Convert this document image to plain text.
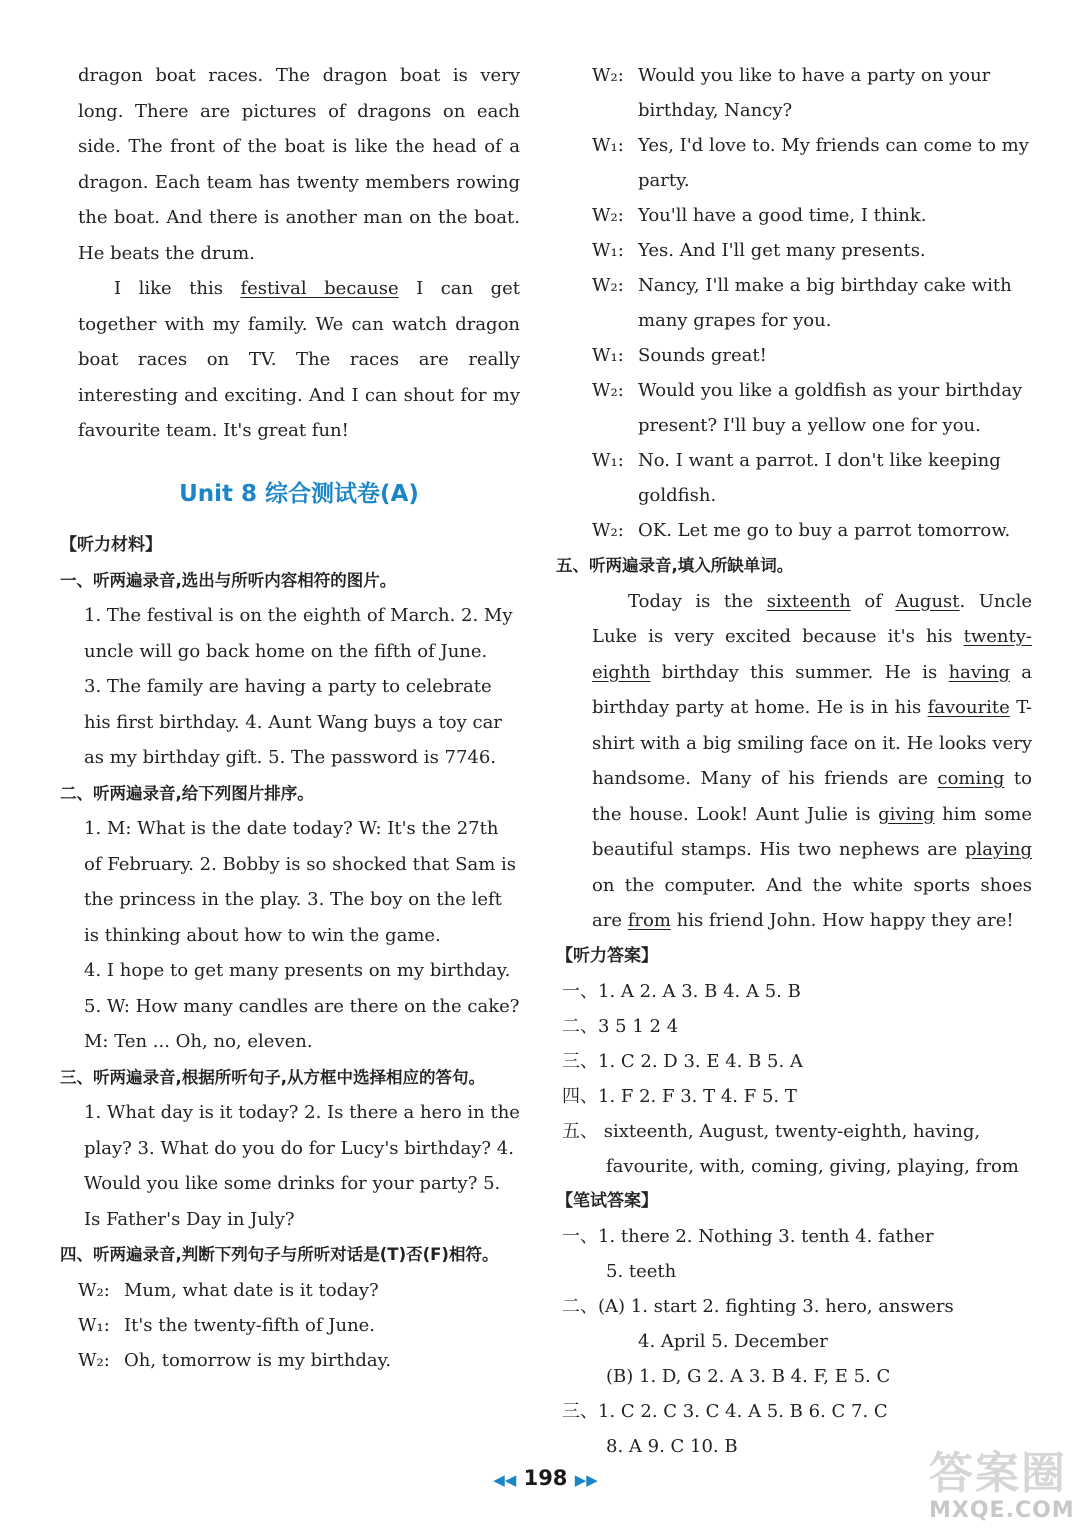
dragon boat races. The dragon boat is very long. There are pictures of dragons on each side. The front of the boat is like the head of a dragon. Each team has twenty members rowing the boat. And there is another man on the boat. He beats the drum.

I like this festival because I can get together with my family. We can watch dragon boat races on TV. The races are really interesting and exciting. And I can shout for my favourite team. It's great fun!

Unit 8 综合测试卷(A)
【听力材料】
一、听两遍录音,选出与所听内容相符的图片。
1. The festival is on the eighth of March. 2. My uncle will go back home on the fifth of June.
3. The family are having a party to celebrate his first birthday. 4. Aunt Wang buys a toy car as my birthday gift. 5. The password is 7746.
二、听两遍录音,给下列图片排序。
1. M: What is the date today? W: It's the 27th of February. 2. Bobby is so shocked that Sam is the princess in the play. 3. The boy on the left is thinking about how to win the game.
4. I hope to get many presents on my birthday.
5. W: How many candles are there on the cake? M: Ten ... Oh, no, eleven.
三、听两遍录音,根据所听句子,从方框中选择相应的答句。
1. What day is it today? 2. Is there a hero in the play? 3. What do you do for Lucy's birthday? 4. Would you like some drinks for your party? 5. Is Father's Day in July?
四、听两遍录音,判断下列句子与所听对话是(T)否(F)相符。
W₂: Mum, what date is it today?
W₁: It's the twenty-fifth of June.
W₂: Oh, tomorrow is my birthday.
W₂: Would you like to have a party on your birthday, Nancy?
W₁: Yes, I'd love to. My friends can come to my party.
W₂: You'll have a good time, I think.
W₁: Yes. And I'll get many presents.
W₂: Nancy, I'll make a big birthday cake with many grapes for you.
W₁: Sounds great!
W₂: Would you like a goldfish as your birthday present? I'll buy a yellow one for you.
W₁: No. I want a parrot. I don't like keeping goldfish.
W₂: OK. Let me go to buy a parrot tomorrow.
五、听两遍录音,填入所缺单词。

Today is the sixteenth of August. Uncle Luke is very excited because it's his twenty-eighth birthday this summer. He is having a birthday party at home. He is in his favourite T-shirt with a big smiling face on it. He looks very handsome. Many of his friends are coming to the house. Look! Aunt Julie is giving him some beautiful stamps. His two nephews are playing on the computer. And the white sports shoes are from his friend John. How happy they are!

【听力答案】
一、1. A 2. A 3. B 4. A 5. B
二、3 5 1 2 4
三、1. C 2. D 3. E 4. B 5. A
四、1. F 2. F 3. T 4. F 5. T
五、 sixteenth, August, twenty-eighth, having,
favourite, with, coming, giving, playing, from
【笔试答案】
一、1. there 2. Nothing 3. tenth 4. father
5. teeth
二、(A) 1. start 2. fighting 3. hero, answers
4. April 5. December
(B) 1. D, G 2. A 3. B 4. F, E 5. C
三、1. C 2. C 3. C 4. A 5. B 6. C 7. C
8. A 9. C 10. B
◀◀ 198 ▶▶	答案圈
MXQE.COM
